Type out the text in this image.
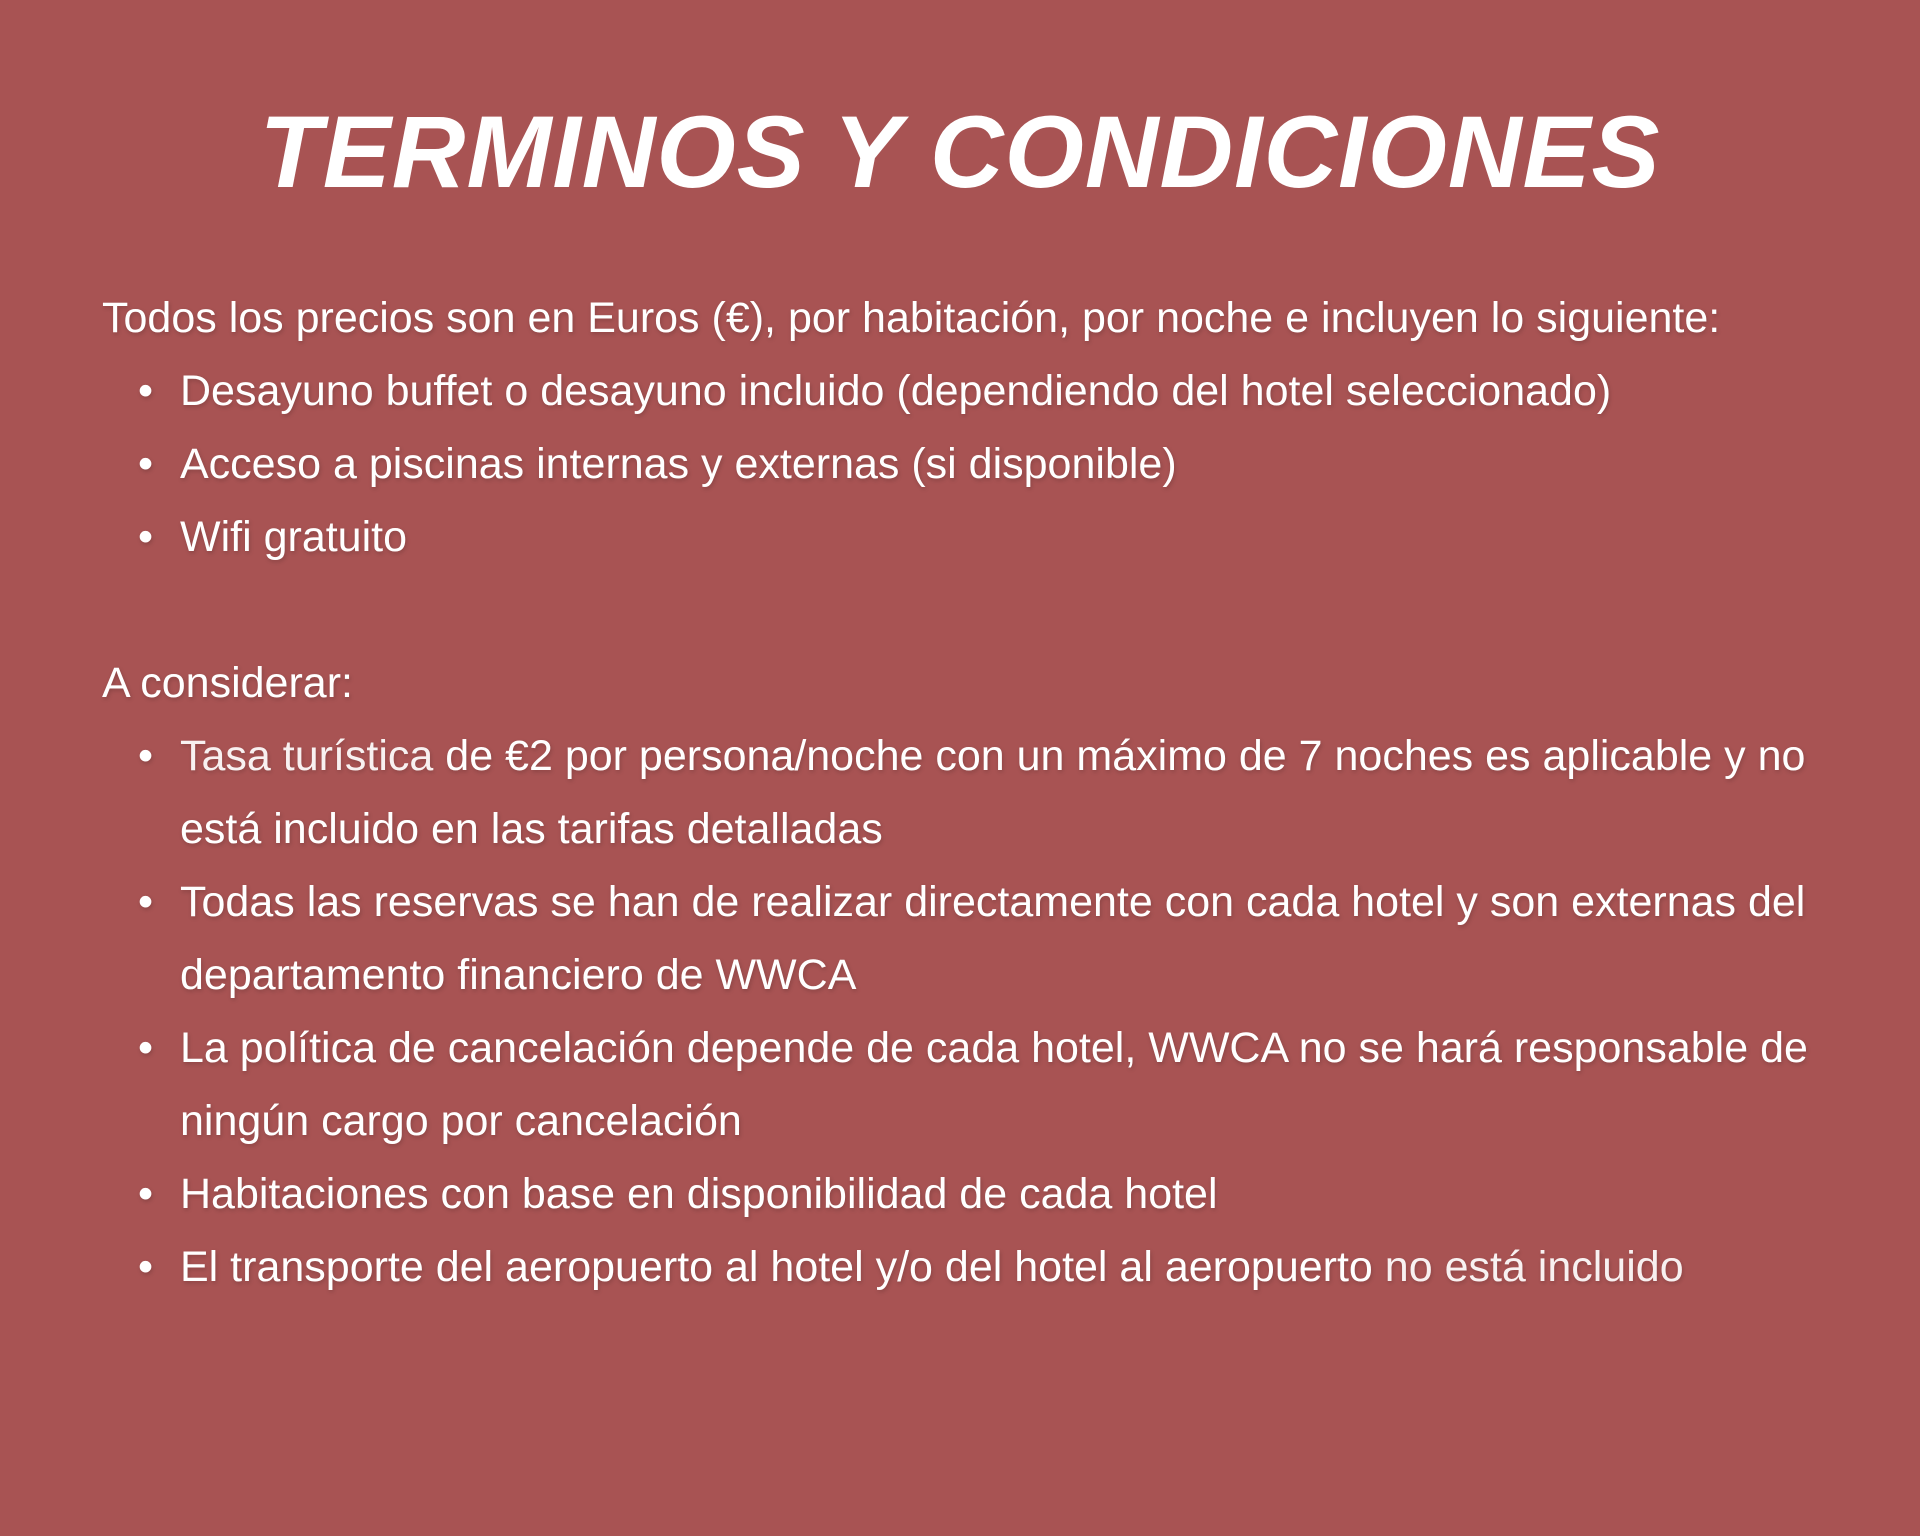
TERMINOS Y CONDICIONES

Todos los precios son en Euros (€), por habitación, por noche e incluyen lo siguiente:

• Desayuno buffet o desayuno incluido (dependiendo del hotel seleccionado)
• Acceso a piscinas internas y externas (si disponible)
• Wifi gratuito

A considerar:

• Tasa turística de €2 por persona/noche con un máximo de 7 noches es aplicable y no está incluido en las tarifas detalladas
• Todas las reservas se han de realizar directamente con cada hotel y son externas del departamento financiero de WWCA
• La política de cancelación depende de cada hotel, WWCA no se hará responsable de ningún cargo por cancelación
• Habitaciones con base en disponibilidad de cada hotel
• El transporte del aeropuerto al hotel y/o del hotel al aeropuerto no está incluido
